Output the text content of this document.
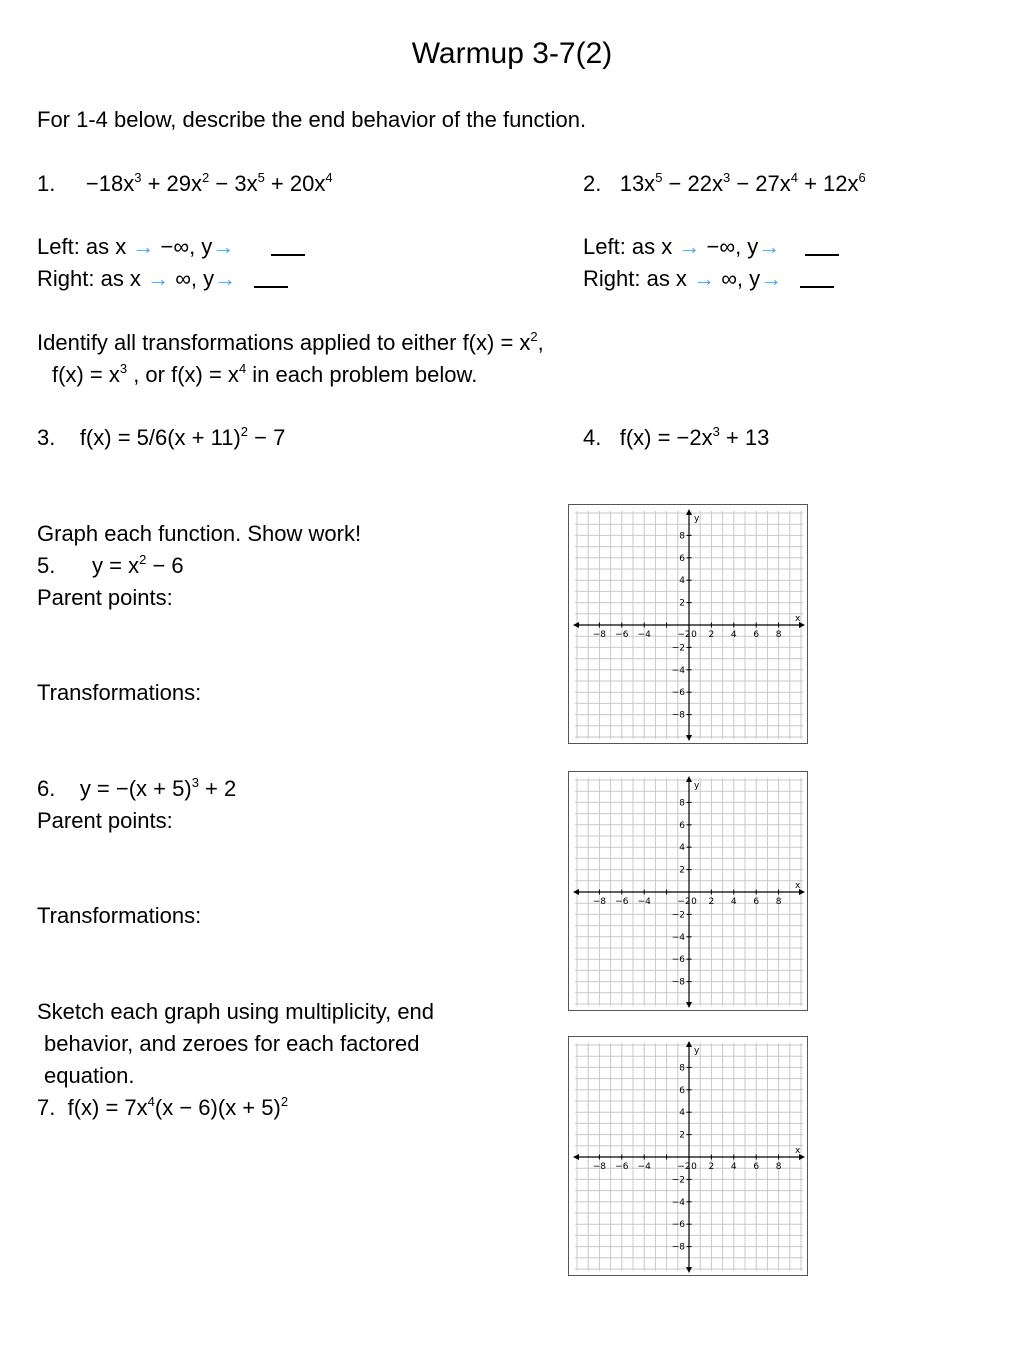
Warmup 3-7(2)
For 1-4 below, describe the end behavior of the function.
1. $-18x^3 + 29x^2 - 3x^5 + 20x^4$	2. $13x^5 - 22x^3 - 27x^4 + 12x^6$
Left: as x → −∞, y→
Right: as x → ∞, y→
Left: as x → −∞, y→
Right: as x → ∞, y→
Identify all transformations applied to either $f(x) = x^2$,
$f(x) = x^3$ , or $f(x) = x^4$ in each problem below.
3. $f(x) = 5/6(x + 11)^2 - 7$	4. $f(x) = -2x^3 + 13$
Graph each function. Show work!
5. $y = x^2 - 6$
Parent points:
Transformations:
6. $y = -(x + 5)^3 + 2$
Parent points:
Transformations:
Sketch each graph using multiplicity, end
behavior, and zeroes for each factored
equation.
7. $f(x) = 7x^4(x - 6)(x + 5)^2$
−8 −6 −4	−2 0 2 4 6 8
8
6
4
2
−2
−4
−6
−8
x
y
−8 −6 −4	−2 0 2 4 6 8
8
6
4
2
−2
−4
−6
−8
x
y
−8 −6 −4	−2 0 2 4 6 8
8
6
4
2
−2
−4
−6
−8
x
y
